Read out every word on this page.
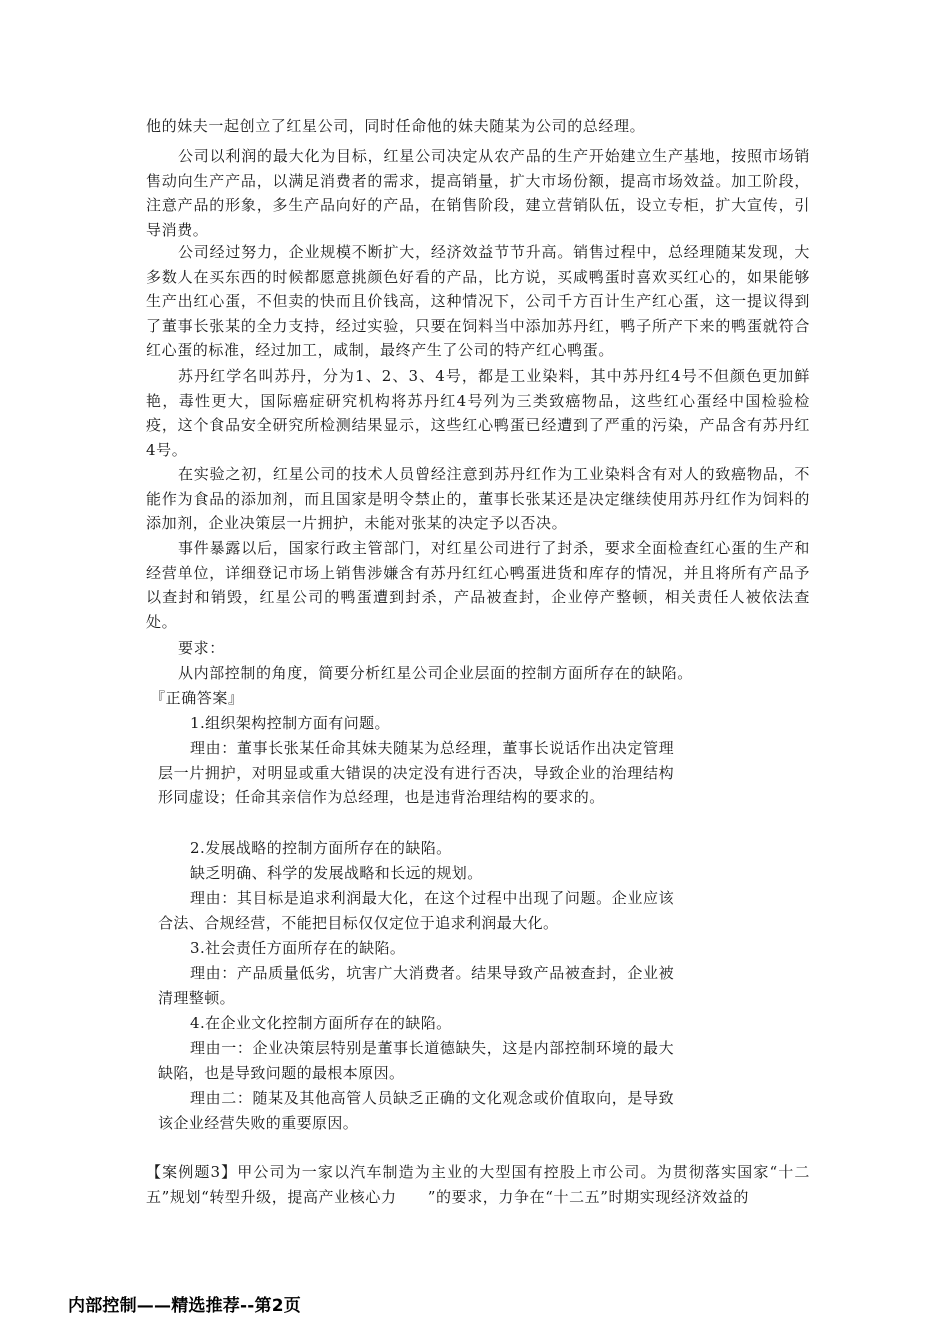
他的妹夫一起创立了红星公司，同时任命他的妹夫随某为公司的总经理。

公司以利润的最大化为目标，红星公司决定从农产品的生产开始建立生产基地，按照市场销售动向生产产品，以满足消费者的需求，提高销量，扩大市场份额，提高市场效益。加工阶段，注意产品的形象，多生产品向好的产品，在销售阶段，建立营销队伍，设立专柜，扩大宣传，引导消费。

公司经过努力，企业规模不断扩大，经济效益节节升高。销售过程中，总经理随某发现，大多数人在买东西的时候都愿意挑颜色好看的产品，比方说，买咸鸭蛋时喜欢买红心的，如果能够生产出红心蛋，不但卖的快而且价钱高，这种情况下，公司千方百计生产红心蛋，这一提议得到了董事长张某的全力支持，经过实验，只要在饲料当中添加苏丹红，鸭子所产下来的鸭蛋就符合红心蛋的标准，经过加工，咸制，最终产生了公司的特产红心鸭蛋。

苏丹红学名叫苏丹，分为1、2、3、4号，都是工业染料，其中苏丹红4号不但颜色更加鲜艳，毒性更大，国际癌症研究机构将苏丹红4号列为三类致癌物品，这些红心蛋经中国检验检疫，这个食品安全研究所检测结果显示，这些红心鸭蛋已经遭到了严重的污染，产品含有苏丹红4号。

在实验之初，红星公司的技术人员曾经注意到苏丹红作为工业染料含有对人的致癌物品，不能作为食品的添加剂，而且国家是明令禁止的，董事长张某还是决定继续使用苏丹红作为饲料的添加剂，企业决策层一片拥护，未能对张某的决定予以否决。

事件暴露以后，国家行政主管部门，对红星公司进行了封杀，要求全面检查红心蛋的生产和经营单位，详细登记市场上销售涉嫌含有苏丹红红心鸭蛋进货和库存的情况，并且将所有产品予以查封和销毁，红星公司的鸭蛋遭到封杀，产品被查封，企业停产整顿，相关责任人被依法查处。

要求：

从内部控制的角度，简要分析红星公司企业层面的控制方面所存在的缺陷。

『正确答案』

1.组织架构控制方面有问题。

理由：董事长张某任命其妹夫随某为总经理，董事长说话作出决定管理层一片拥护，对明显或重大错误的决定没有进行否决，导致企业的治理结构形同虚设；任命其亲信作为总经理，也是违背治理结构的要求的。

2.发展战略的控制方面所存在的缺陷。

缺乏明确、科学的发展战略和长远的规划。

理由：其目标是追求利润最大化，在这个过程中出现了问题。企业应该合法、合规经营，不能把目标仅仅定位于追求利润最大化。

3.社会责任方面所存在的缺陷。

理由：产品质量低劣，坑害广大消费者。结果导致产品被查封，企业被清理整顿。

4.在企业文化控制方面所存在的缺陷。

理由一：企业决策层特别是董事长道德缺失，这是内部控制环境的最大缺陷，也是导致问题的最根本原因。

理由二：随某及其他高管人员缺乏正确的文化观念或价值取向，是导致该企业经营失败的重要原因。

【案例题3】甲公司为一家以汽车制造为主业的大型国有控股上市公司。为贯彻落实国家“十二五”规划“转型升级，提高产业核心力　　”的要求，力争在“十二五”时期实现经济效益的

内部控制——精选推荐--第2页
